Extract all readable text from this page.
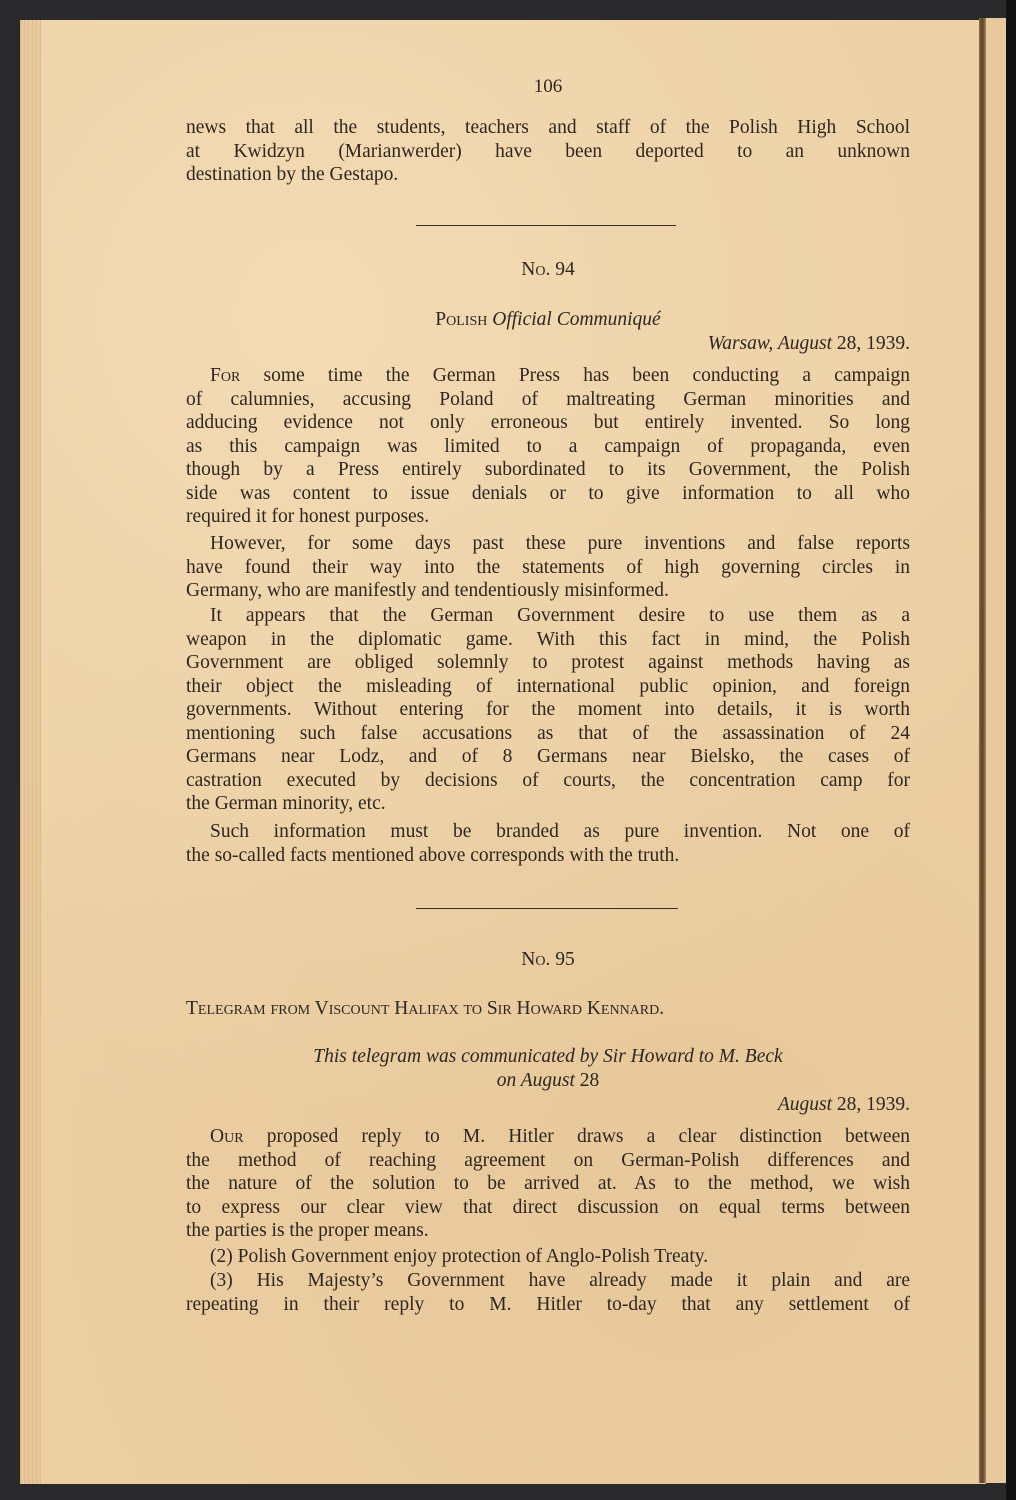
106
news that all the students, teachers and staff of the Polish High School
at Kwidzyn (Marianwerder) have been deported to an unknown
destination by the Gestapo.
No. 94
Polish Official Communiqué
Warsaw, August 28, 1939.
For some time the German Press has been conducting a campaign
of calumnies, accusing Poland of maltreating German minorities and
adducing evidence not only erroneous but entirely invented. So long
as this campaign was limited to a campaign of propaganda, even
though by a Press entirely subordinated to its Government, the Polish
side was content to issue denials or to give information to all who
required it for honest purposes.
However, for some days past these pure inventions and false reports
have found their way into the statements of high governing circles in
Germany, who are manifestly and tendentiously misinformed.
It appears that the German Government desire to use them as a
weapon in the diplomatic game. With this fact in mind, the Polish
Government are obliged solemnly to protest against methods having as
their object the misleading of international public opinion, and foreign
governments. Without entering for the moment into details, it is worth
mentioning such false accusations as that of the assassination of 24
Germans near Lodz, and of 8 Germans near Bielsko, the cases of
castration executed by decisions of courts, the concentration camp for
the German minority, etc.
Such information must be branded as pure invention. Not one of
the so-called facts mentioned above corresponds with the truth.
No. 95
Telegram from Viscount Halifax to Sir Howard Kennard.
This telegram was communicated by Sir Howard to M. Beck
on August 28
August 28, 1939.
Our proposed reply to M. Hitler draws a clear distinction between
the method of reaching agreement on German-Polish differences and
the nature of the solution to be arrived at. As to the method, we wish
to express our clear view that direct discussion on equal terms between
the parties is the proper means.
(2) Polish Government enjoy protection of Anglo-Polish Treaty.
(3) His Majesty’s Government have already made it plain and are
repeating in their reply to M. Hitler to-day that any settlement of
